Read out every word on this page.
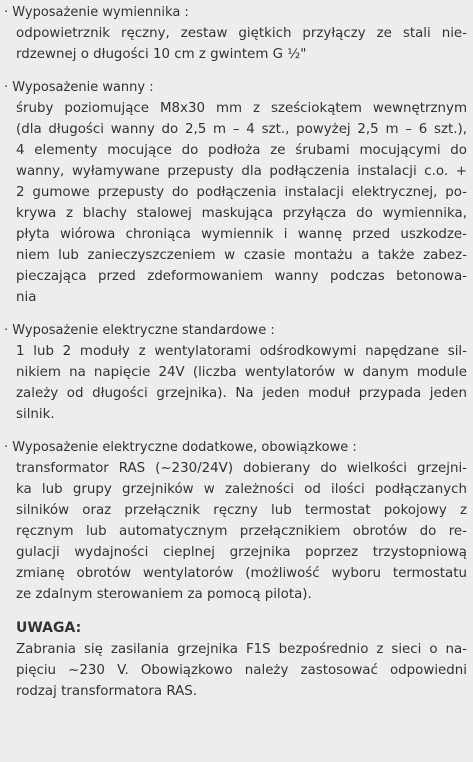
· Wyposażenie wymiennika :

odpowietrznik ręczny, zestaw giętkich przyłączy ze stali nie-
rdzewnej o długości 10 cm z gwintem G ½"

· Wyposażenie wanny :

śruby poziomujące M8x30 mm z sześciokątem wewnętrznym
(dla długości wanny do 2,5 m – 4 szt., powyżej 2,5 m – 6 szt.),
4 elementy mocujące do podłoża ze śrubami mocującymi do
wanny, wyłamywane przepusty dla podłączenia instalacji c.o. +
2 gumowe przepusty do podłączenia instalacji elektrycznej, po-
krywa z blachy stalowej maskująca przyłącza do wymiennika,
płyta wiórowa chroniąca wymiennik i wannę przed uszkodze-
niem lub zanieczyszczeniem w czasie montażu a także zabez-
pieczająca przed zdeformowaniem wanny podczas betonowa-
nia

· Wyposażenie elektryczne standardowe :

1 lub 2 moduły z wentylatorami odśrodkowymi napędzane sil-
nikiem na napięcie 24V (liczba wentylatorów w danym module
zależy od długości grzejnika). Na jeden moduł przypada jeden
silnik.

· Wyposażenie elektryczne dodatkowe, obowiązkowe :

transformator RAS (~230/24V) dobierany do wielkości grzejni-
ka lub grupy grzejników w zależności od ilości podłączanych
silników oraz przełącznik ręczny lub termostat pokojowy z
ręcznym lub automatycznym przełącznikiem obrotów do re-
gulacji wydajności cieplnej grzejnika poprzez trzystopniową
zmianę obrotów wentylatorów (możliwość wyboru termostatu
ze zdalnym sterowaniem za pomocą pilota).

UWAGA:

Zabrania się zasilania grzejnika F1S bezpośrednio z sieci o na-
pięciu ~230 V. Obowiązkowo należy zastosować odpowiedni
rodzaj transformatora RAS.
